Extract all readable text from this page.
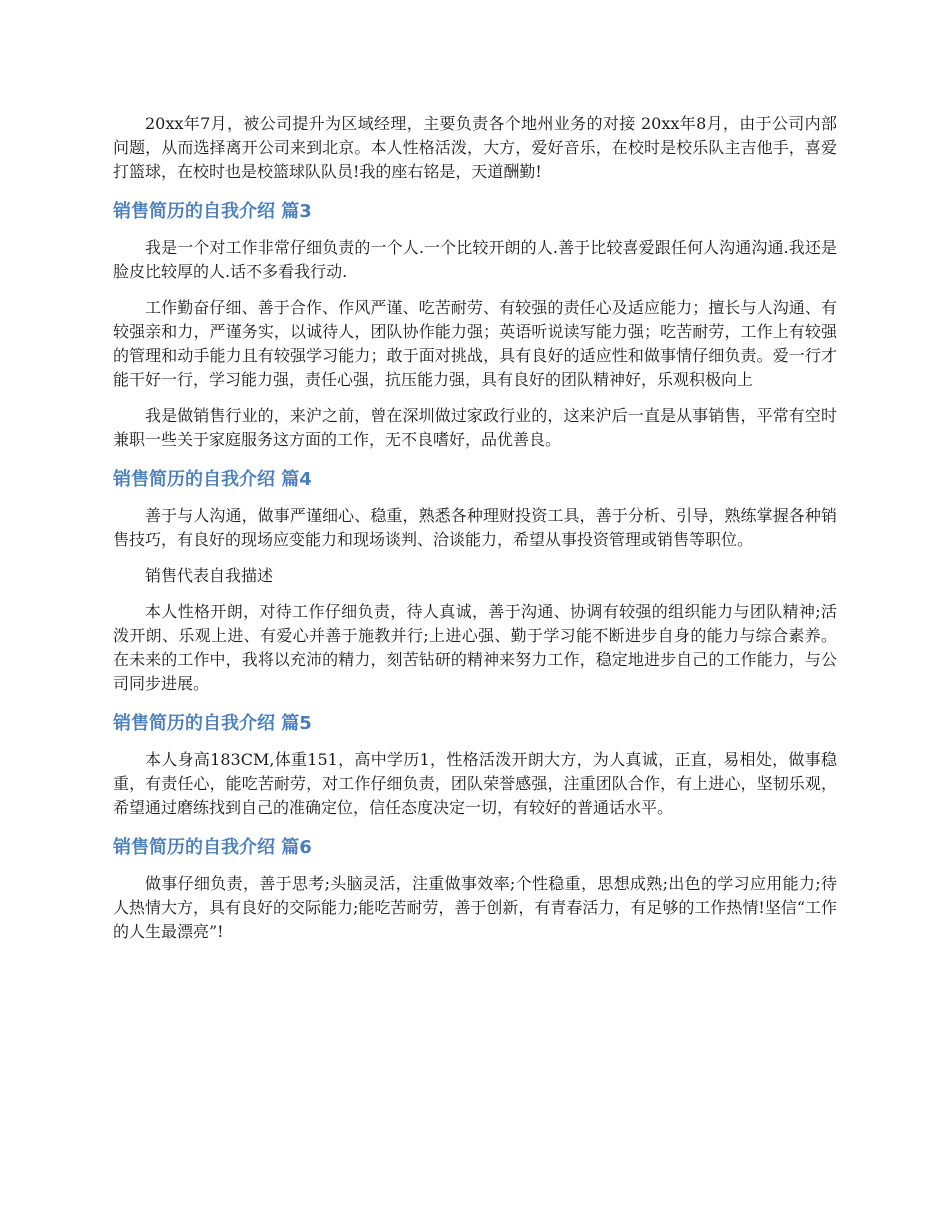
20xx年7月，被公司提升为区域经理，主要负责各个地州业务的对接 20xx年8月，由于公司内部问题，从而选择离开公司来到北京。本人性格活泼，大方，爱好音乐，在校时是校乐队主吉他手，喜爱打篮球，在校时也是校篮球队队员!我的座右铭是，天道酬勤!

销售简历的自我介绍 篇3

我是一个对工作非常仔细负责的一个人.一个比较开朗的人.善于比较喜爱跟任何人沟通沟通.我还是脸皮比较厚的人.话不多看我行动.

工作勤奋仔细、善于合作、作风严谨、吃苦耐劳、有较强的责任心及适应能力；擅长与人沟通、有较强亲和力，严谨务实，以诚待人，团队协作能力强；英语听说读写能力强；吃苦耐劳，工作上有较强的管理和动手能力且有较强学习能力；敢于面对挑战，具有良好的适应性和做事情仔细负责。爱一行才能干好一行，学习能力强，责任心强，抗压能力强，具有良好的团队精神好，乐观积极向上

我是做销售行业的，来沪之前，曾在深圳做过家政行业的，这来沪后一直是从事销售，平常有空时兼职一些关于家庭服务这方面的工作，无不良嗜好，品优善良。

销售简历的自我介绍 篇4

善于与人沟通，做事严谨细心、稳重，熟悉各种理财投资工具，善于分析、引导，熟练掌握各种销售技巧，有良好的现场应变能力和现场谈判、洽谈能力，希望从事投资管理或销售等职位。

销售代表自我描述

本人性格开朗，对待工作仔细负责，待人真诚，善于沟通、协调有较强的组织能力与团队精神;活泼开朗、乐观上进、有爱心并善于施教并行;上进心强、勤于学习能不断进步自身的能力与综合素养。在未来的工作中，我将以充沛的精力，刻苦钻研的精神来努力工作，稳定地进步自己的工作能力，与公司同步进展。

销售简历的自我介绍 篇5

本人身高183CM,体重151，高中学历1，性格活泼开朗大方，为人真诚，正直，易相处，做事稳重，有责任心，能吃苦耐劳，对工作仔细负责，团队荣誉感强，注重团队合作，有上进心，坚韧乐观，希望通过磨练找到自己的准确定位，信任态度决定一切，有较好的普通话水平。

销售简历的自我介绍 篇6

做事仔细负责，善于思考;头脑灵活，注重做事效率;个性稳重，思想成熟;出色的学习应用能力;待人热情大方，具有良好的交际能力;能吃苦耐劳，善于创新，有青春活力，有足够的工作热情!坚信“工作的人生最漂亮”!
